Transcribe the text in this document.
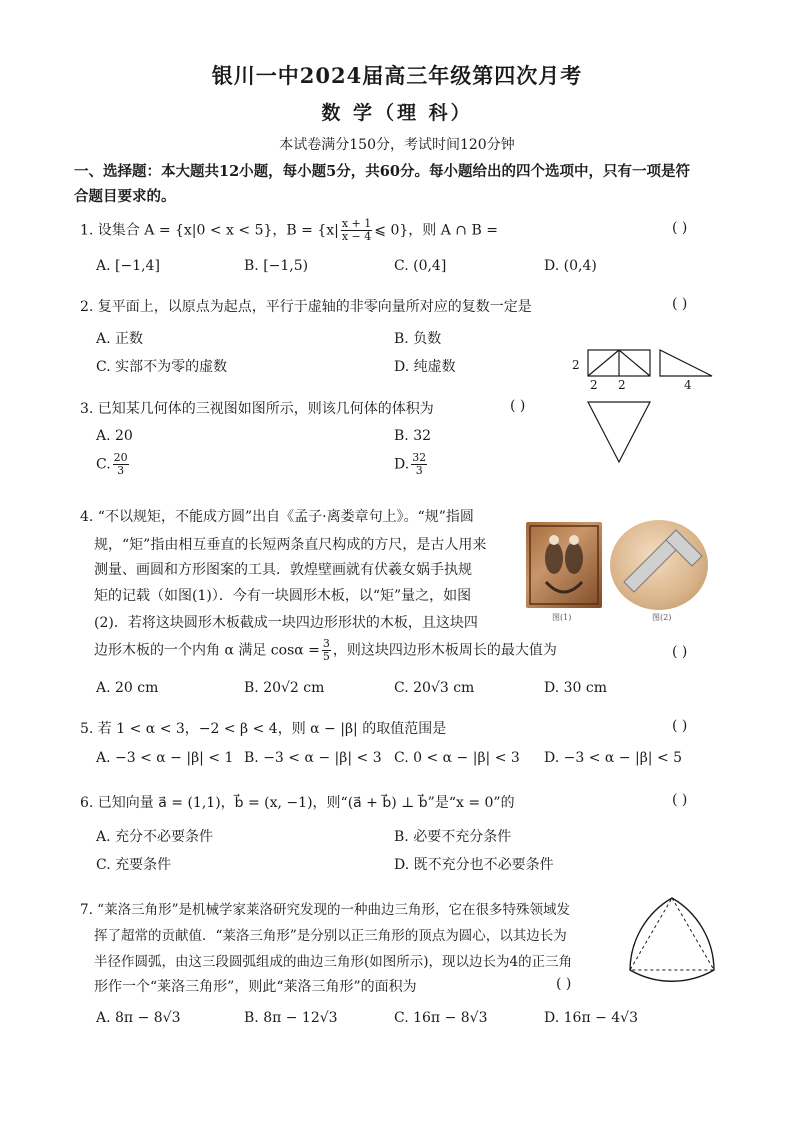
银川一中2024届高三年级第四次月考
数 学（理 科）
本试卷满分150分，考试时间120分钟
一、选择题：本大题共12小题，每小题5分，共60分。每小题给出的四个选项中，只有一项是符
合题目要求的。
1. 设集合 A = {x|0 < x < 5}，$B = \{x| \frac{x + 1}{x - 4}$ ⩽ 0}，则 A ∩ B =	( )
A. [−1,4]	B. [−1,5)	C. (0,4]	D. (0,4)
2. 复平面上，以原点为起点，平行于虚轴的非零向量所对应的复数一定是	( )
A. 正数	B. 负数
C. 实部不为零的虚数	D. 纯虚数	2
2 2	4
3. 已知某几何体的三视图如图所示，则该几何体的体积为	( )
A. 20	B. 32
C. $\frac{20}{3}$	D. $\frac{32}{3}$
4. “不以规矩，不能成方圆”出自《孟子·离娄章句上》。“规”指圆
规，“矩”指由相互垂直的长短两条直尺构成的方尺，是古人用来
测量、画圆和方形图案的工具．敦煌壁画就有伏羲女娲手执规
矩的记载（如图(1)）．今有一块圆形木板，以“矩”量之，如图
(2)．若将这块圆形木板截成一块四边形形状的木板，且这块四
边形木板的一个内角 α 满足 $\cos\alpha = \frac{3}{5}$ ，则这块四边形木板周长的最大值为	( )
图(1)	图(2)
A. 20 cm	B. 20√2 cm	C. 20√3 cm	D. 30 cm
5. 若 1 < α < 3，−2 < β < 4，则 α − |β| 的取值范围是	( )
A. −3 < α − |β| < 1 B. −3 < α − |β| < 3 C. 0 < α − |β| < 3 D. −3 < α − |β| < 5
6. 已知向量 a⃗ = (1,1)，b⃗ = (x, −1)，则“(a⃗ + b⃗) ⊥ b⃗”是“x = 0”的	( )
A. 充分不必要条件	B. 必要不充分条件
C. 充要条件	D. 既不充分也不必要条件
7. “莱洛三角形”是机械学家莱洛研究发现的一种曲边三角形，它在很多特殊领域发
挥了超常的贡献值．“莱洛三角形”是分别以正三角形的顶点为圆心，以其边长为
半径作圆弧，由这三段圆弧组成的曲边三角形(如图所示)，现以边长为4的正三角
形作一个“莱洛三角形”，则此“莱洛三角形”的面积为	( )
A. 8π − 8√3	B. 8π − 12√3	C. 16π − 8√3	D. 16π − 4√3
